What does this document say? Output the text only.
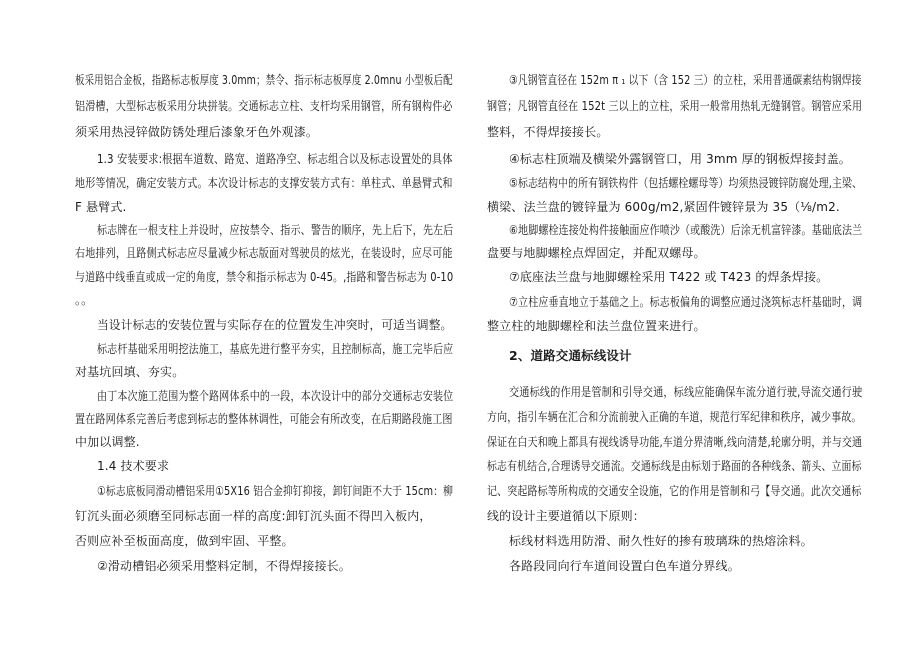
板采用铝合金板，指路标志板厚度 3.0mm；禁令、指示标志板厚度 2.0mnu 小型板后配
铝滑槽，大型标志板采用分块拼装。交通标志立柱、支杆均采用钢管，所有钢构件必
须采用热浸锌做防锈处理后漆象牙色外观漆。
1.3 安装要求:根据车道数、路宽、道路净空、标志组合以及标志设置处的具体
地形等情况，确定安装方式。本次设计标志的支撑安装方式有：单柱式、单悬臂式和
F 悬臂式.
标志牌在一根支柱上并设时，应按禁令、指示、警告的顺序，先上后下，先左后
右地排列，且路侧式标志应尽量减少标志版面对驾驶员的炫光，在装设时，应尽可能
与道路中线垂直或成一定的角度，禁令和指示标志为 0-45。,指路和警告标志为 0-10
。。
当设计标志的安装位置与实际存在的位置发生冲突时，可适当调整。
标志杆基础采用明挖法施工，基底先进行整平夯实，且控制标高，施工完毕后应
对基坑回填、夯实。
由丁本次施工范围为整个路网体系中的一段，本次设计中的部分交通标志安装位
置在路网体系完善后考虑到标志的整体林调性，可能会有所改变，在后期路段施工图
中加以调整.
1.4 技术要求
①标志底板同滑动槽铝采用①5X16 铝合金抑钉抑接，卸钉间距不大于 15cm：柳
钉沉头面必须磨至同标志面一样的高度:卸钉沉头面不得凹入板内，
否则应补至板面高度，做到牢固、平整。
②滑动槽铝必须采用整料定制，不得焊接接长。
③凡钢管直径在 152m π ₁ 以下（含 152 三）的立柱，采用普通碳素结构钢焊接
钢管；凡钢管直径在 152t 三以上的立柱，采用一般常用热轧无缝钢管。钢管应采用
整料，不得焊接接长。
④标志柱顶端及横梁外露钢管口，用 3mm 厚的钢板焊接封盖。
⑤标志结构中的所有钢铁构件（包括螺栓螺母等）均须热浸镀锌防腐处理,主梁、
横梁、法兰盘的镀锌量为 600g/m2,紧固件镀锌景为 35（⅛/m2.
⑥地脚螺栓连接处构件接触面应作喷沙（或酸洗）后涂无机富锌漆。基础底法兰
盘要与地脚螺栓点焊固定，并配双螺母。
⑦底座法兰盘与地脚螺栓采用 T422 或 T423 的焊条焊接。
⑦立柱应垂直地立于基础之上。标志板偏角的调整应通过浇筑标志杆基础时，调
整立柱的地脚螺栓和法兰盘位置来进行。
2、道路交通标线设计
交通标线的作用是管制和引导交通，标线应能确保车流分道行驶,导流交通行驶
方向，指引车辆在汇合和分流前驶入正确的车道，规范行军纪律和秩序，减少事故。
保证在白天和晚上都具有视线诱导功能,车道分界清晰,线向清楚,轮廓分明，并与交通
标志有机结合,合理诱导交通流。交通标线是由标划于路面的各种线条、箭头、立面标
记、突起路标等所构成的交通安全设施，它的作用是管制和弓【导交通。此次交通标
线的设计主要道循以下原则：
标线材料选用防滑、耐久性好的掺有玻璃珠的热熔涂料。
各路段同向行车道间设置白色车道分界线。
